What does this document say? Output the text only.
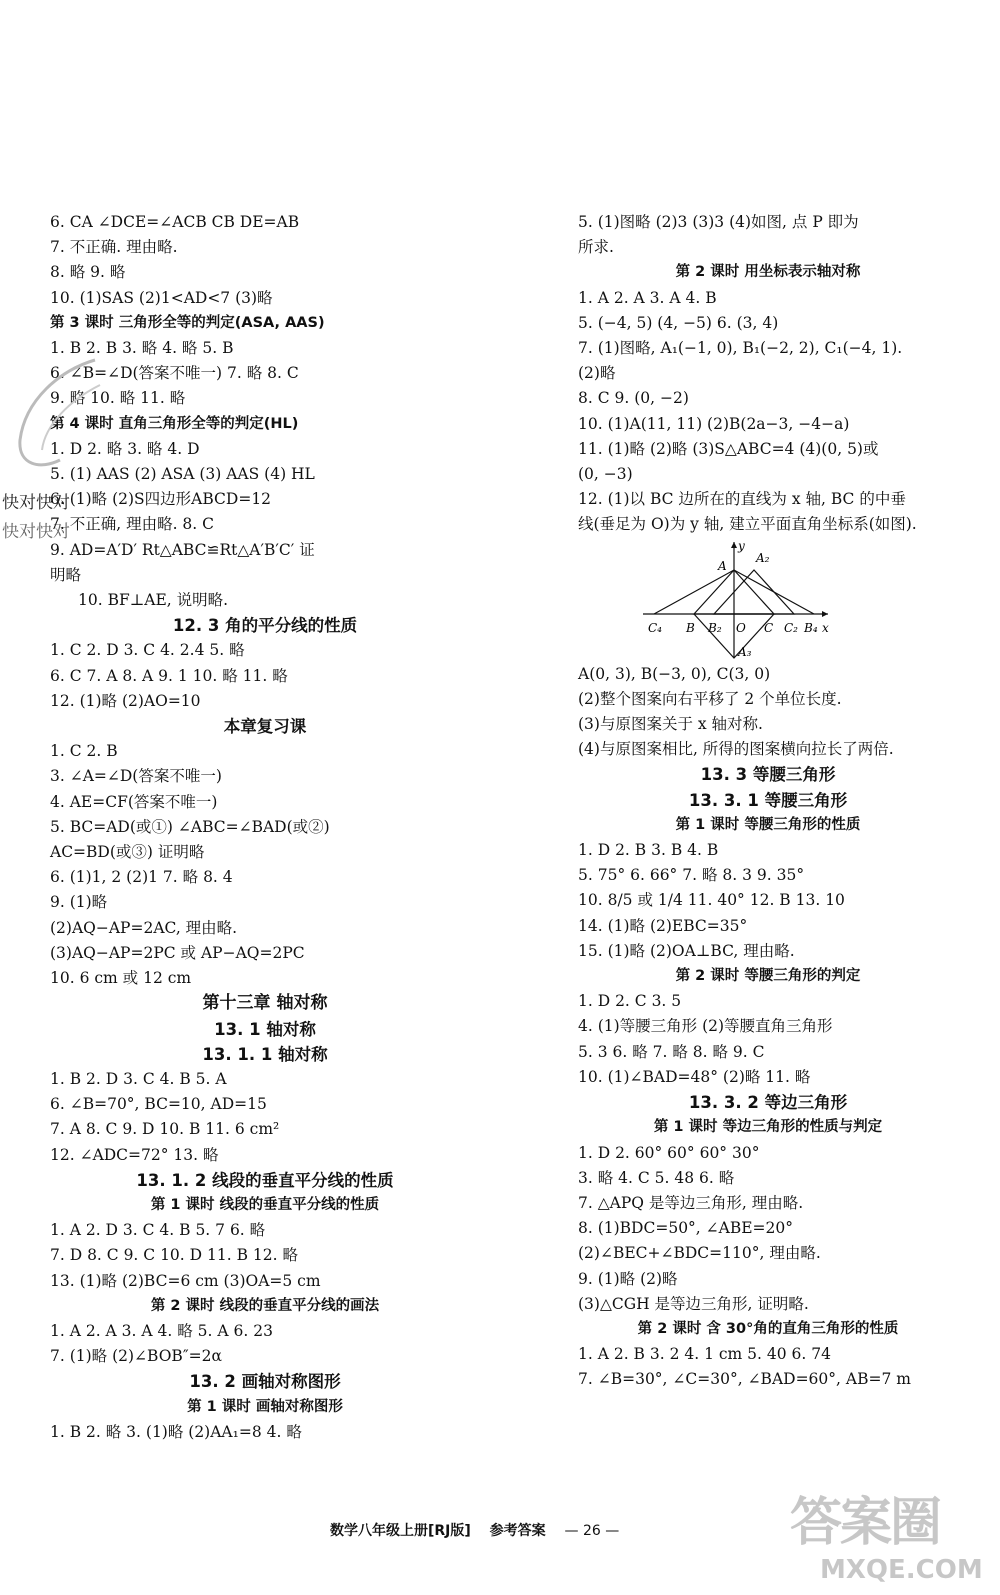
6. CA ∠DCE=∠ACB CB DE=AB
7. 不正确. 理由略.
8. 略 9. 略
10. (1)SAS (2)1<AD<7 (3)略
第 3 课时 三角形全等的判定(ASA, AAS)
1. B 2. B 3. 略 4. 略 5. B
6. ∠B=∠D(答案不唯一) 7. 略 8. C
9. 略 10. 略 11. 略
第 4 课时 直角三角形全等的判定(HL)
1. D 2. 略 3. 略 4. D
5. (1) AAS (2) ASA (3) AAS (4) HL
6. (1)略 (2)S四边形ABCD=12
7. 不正确, 理由略. 8. C
9. AD=A′D′ Rt△ABC≌Rt△A′B′C′ 证
明略
10. BF⊥AE, 说明略.
12. 3 角的平分线的性质
1. C 2. D 3. C 4. 2.4 5. 略
6. C 7. A 8. A 9. 1 10. 略 11. 略
12. (1)略 (2)AO=10
本章复习课
1. C 2. B
3. ∠A=∠D(答案不唯一)
4. AE=CF(答案不唯一)
5. BC=AD(或①) ∠ABC=∠BAD(或②)
AC=BD(或③) 证明略
6. (1)1, 2 (2)1 7. 略 8. 4
9. (1)略
(2)AQ−AP=2AC, 理由略.
(3)AQ−AP=2PC 或 AP−AQ=2PC
10. 6 cm 或 12 cm
第十三章 轴对称
13. 1 轴对称
13. 1. 1 轴对称
1. B 2. D 3. C 4. B 5. A
6. ∠B=70°, BC=10, AD=15
7. A 8. C 9. D 10. B 11. 6 cm²
12. ∠ADC=72° 13. 略
13. 1. 2 线段的垂直平分线的性质
第 1 课时 线段的垂直平分线的性质
1. A 2. D 3. C 4. B 5. 7 6. 略
7. D 8. C 9. C 10. D 11. B 12. 略
13. (1)略 (2)BC=6 cm (3)OA=5 cm
第 2 课时 线段的垂直平分线的画法
1. A 2. A 3. A 4. 略 5. A 6. 23
7. (1)略 (2)∠BOB″=2α
13. 2 画轴对称图形
第 1 课时 画轴对称图形
1. B 2. 略 3. (1)略 (2)AA₁=8 4. 略
5. (1)图略 (2)3 (3)3 (4)如图, 点 P 即为
所求.
第 2 课时 用坐标表示轴对称
1. A 2. A 3. A 4. B
5. (−4, 5) (4, −5) 6. (3, 4)
7. (1)图略, A₁(−1, 0), B₁(−2, 2), C₁(−4, 1).
(2)略
8. C 9. (0, −2)
10. (1)A(11, 11) (2)B(2a−3, −4−a)
11. (1)略 (2)略 (3)S△ABC=4 (4)(0, 5)或
(0, −3)
12. (1)以 BC 边所在的直线为 x 轴, BC 的中垂
线(垂足为 O)为 y 轴, 建立平面直角坐标系(如图).
y
A
A₂
C₄ B B₂ O C C₂ B₄ x
A₃
A(0, 3), B(−3, 0), C(3, 0)
(2)整个图案向右平移了 2 个单位长度.
(3)与原图案关于 x 轴对称.
(4)与原图案相比, 所得的图案横向拉长了两倍.
13. 3 等腰三角形
13. 3. 1 等腰三角形
第 1 课时 等腰三角形的性质
1. D 2. B 3. B 4. B
5. 75° 6. 66° 7. 略 8. 3 9. 35°
10. 8/5 或 1/4 11. 40° 12. B 13. 10
14. (1)略 (2)EBC=35°
15. (1)略 (2)OA⊥BC, 理由略.
第 2 课时 等腰三角形的判定
1. D 2. C 3. 5
4. (1)等腰三角形 (2)等腰直角三角形
5. 3 6. 略 7. 略 8. 略 9. C
10. (1)∠BAD=48° (2)略 11. 略
13. 3. 2 等边三角形
第 1 课时 等边三角形的性质与判定
1. D 2. 60° 60° 60° 30°
3. 略 4. C 5. 48 6. 略
7. △APQ 是等边三角形, 理由略.
8. (1)BDC=50°, ∠ABE=20°
(2)∠BEC+∠BDC=110°, 理由略.
9. (1)略 (2)略
(3)△CGH 是等边三角形, 证明略.
第 2 课时 含 30°角的直角三角形的性质
1. A 2. B 3. 2 4. 1 cm 5. 40 6. 74
7. ∠B=30°, ∠C=30°, ∠BAD=60°, AB=7 m
快对快对
快对快对
数学八年级上册[RJ版] 参考答案 — 26 —	答案圈
MXQE.COM
